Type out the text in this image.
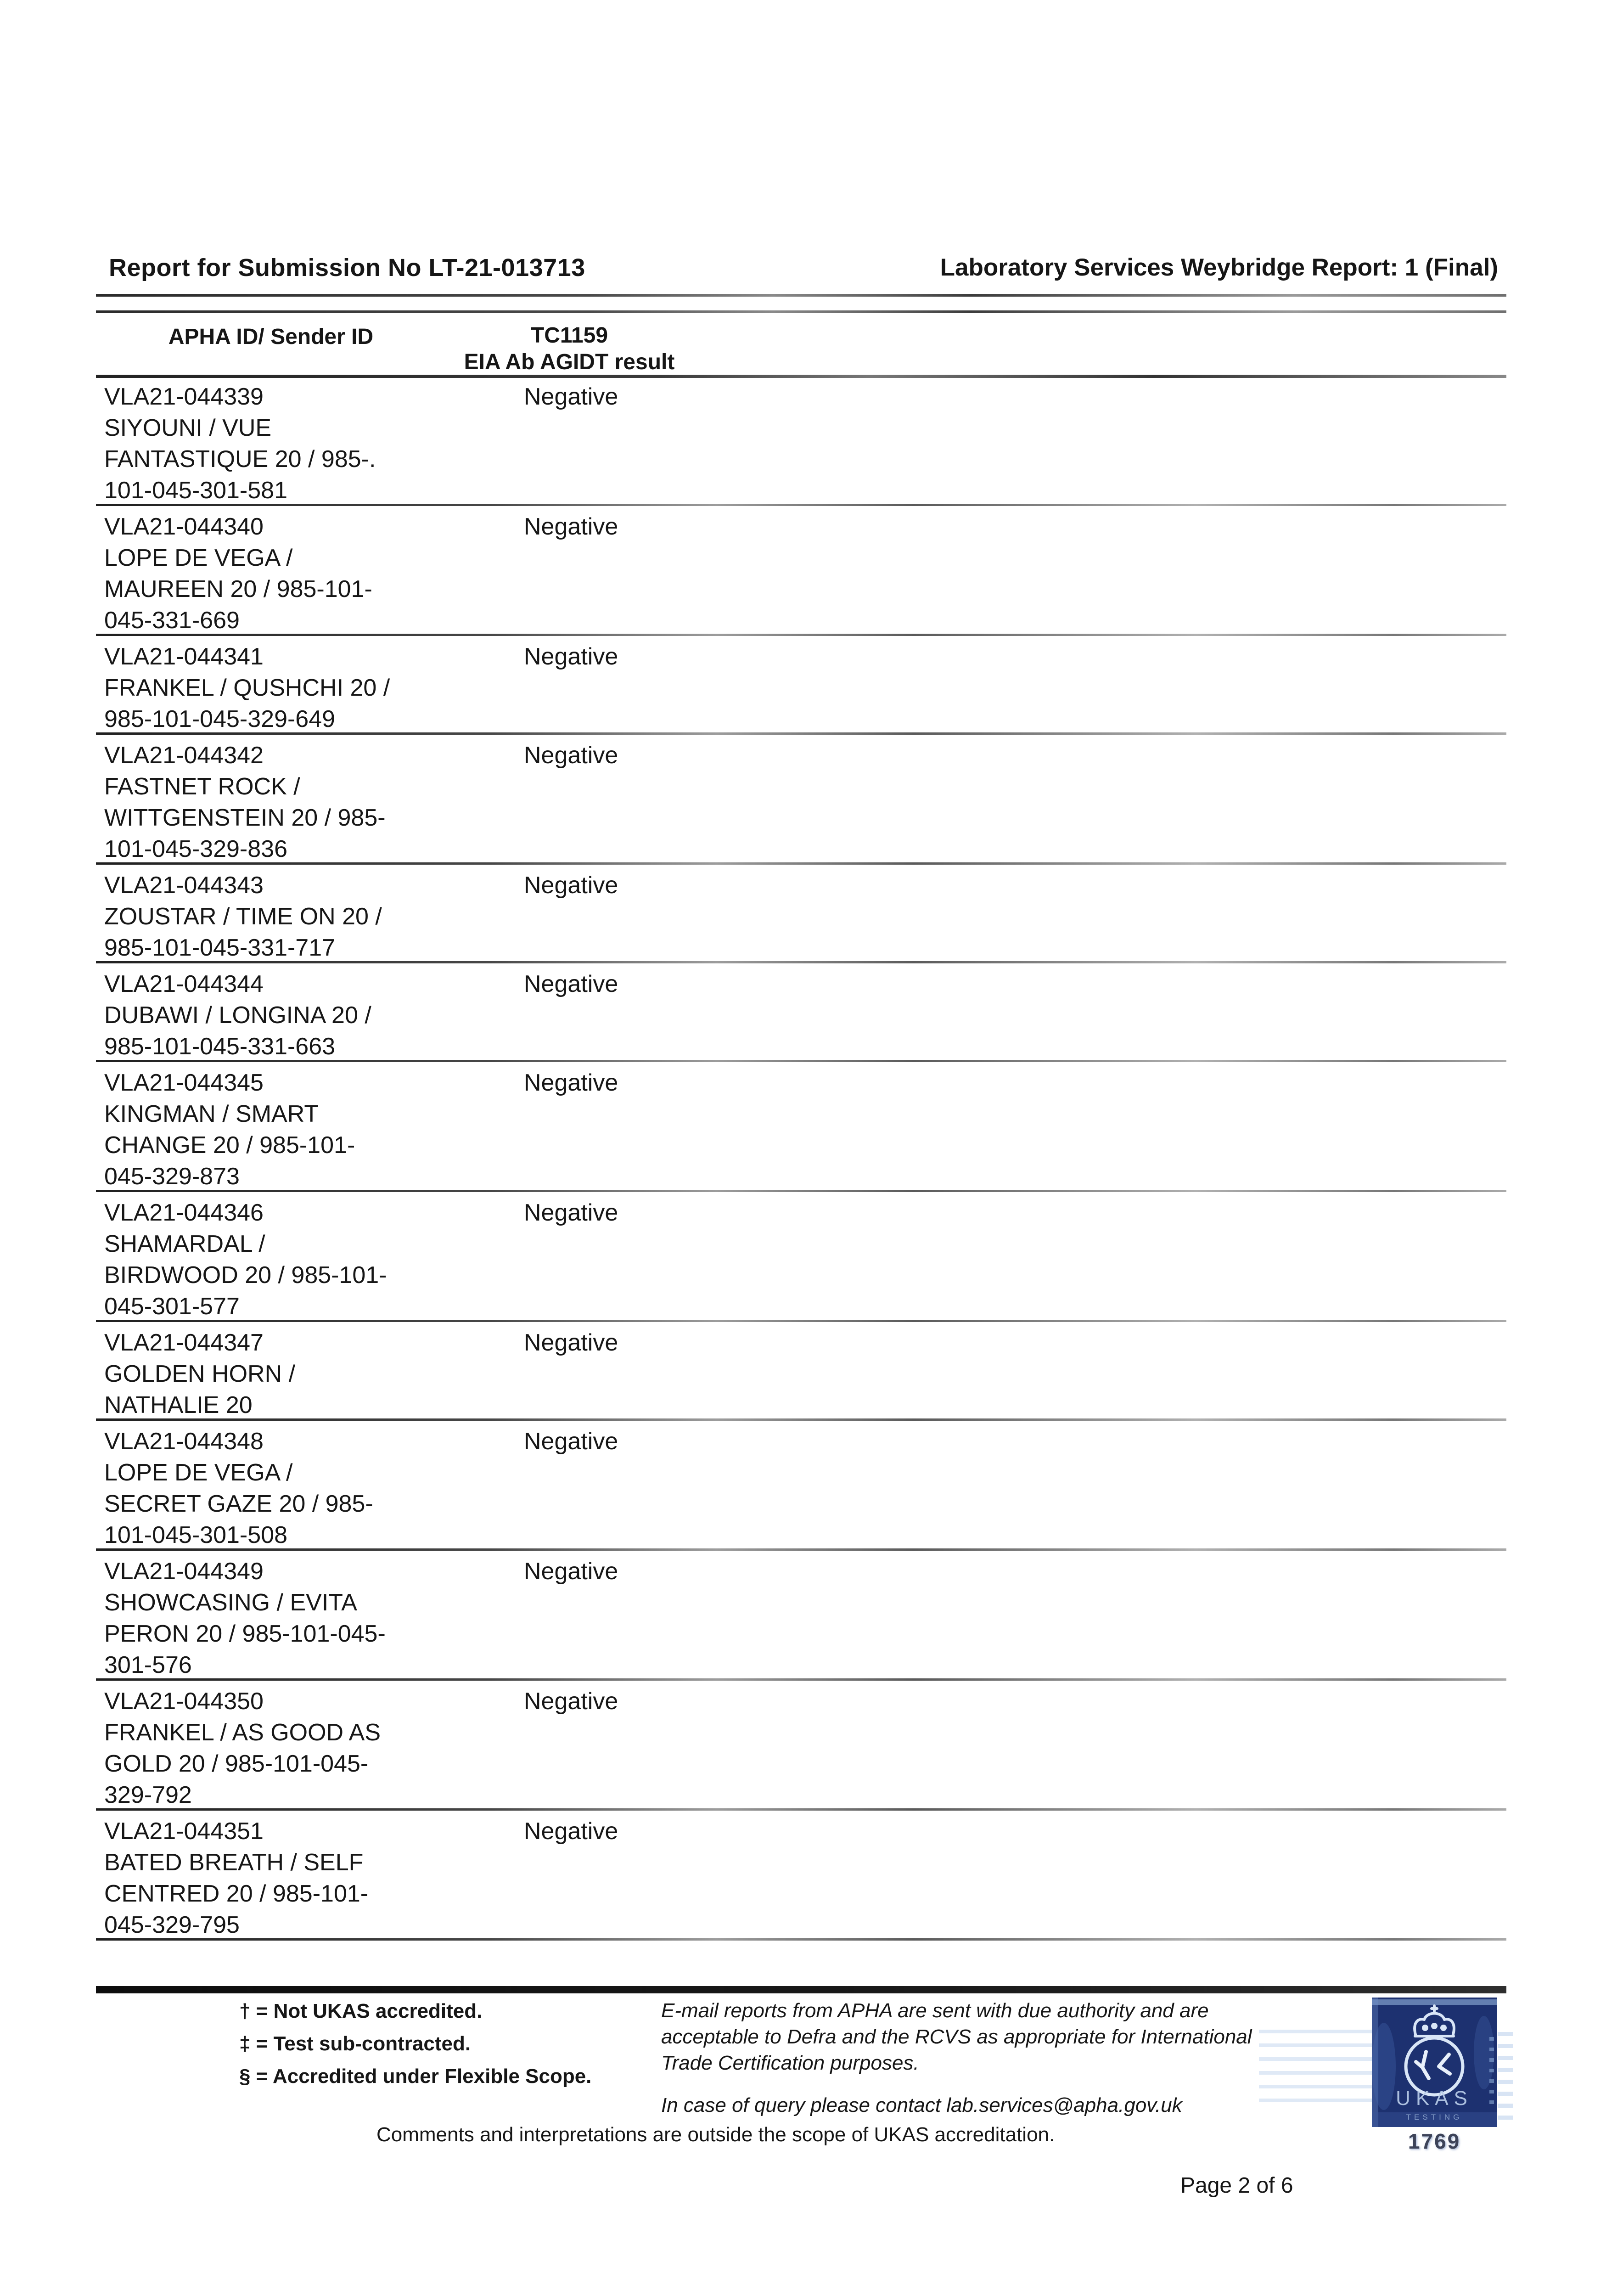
Report for Submission No LT-21-013713	Laboratory Services Weybridge Report: 1 (Final)
APHA ID/ Sender ID	TC1159
EIA Ab AGIDT result
VLA21-044339
SIYOUNI / VUE
FANTASTIQUE 20 / 985-.
101-045-301-581
Negative
VLA21-044340
LOPE DE VEGA /
MAUREEN 20 / 985-101-
045-331-669
Negative
VLA21-044341
FRANKEL / QUSHCHI 20 /
985-101-045-329-649
Negative
VLA21-044342
FASTNET ROCK /
WITTGENSTEIN 20 / 985-
101-045-329-836
Negative
VLA21-044343
ZOUSTAR / TIME ON 20 /
985-101-045-331-717
Negative
VLA21-044344
DUBAWI / LONGINA 20 /
985-101-045-331-663
Negative
VLA21-044345
KINGMAN / SMART
CHANGE 20 / 985-101-
045-329-873
Negative
VLA21-044346
SHAMARDAL /
BIRDWOOD 20 / 985-101-
045-301-577
Negative
VLA21-044347
GOLDEN HORN /
NATHALIE 20
Negative
VLA21-044348
LOPE DE VEGA /
SECRET GAZE 20 / 985-
101-045-301-508
Negative
VLA21-044349
SHOWCASING / EVITA
PERON 20 / 985-101-045-
301-576
Negative
VLA21-044350
FRANKEL / AS GOOD AS
GOLD 20 / 985-101-045-
329-792
Negative
VLA21-044351
BATED BREATH / SELF
CENTRED 20 / 985-101-
045-329-795
Negative
† = Not UKAS accredited.
‡ = Test sub-contracted.
§ = Accredited under Flexible Scope.
E-mail reports from APHA are sent with due authority and are
acceptable to Defra and the RCVS as appropriate for International
Trade Certification purposes.
In case of query please contact lab.services@apha.gov.uk
Comments and interpretations are outside the scope of UKAS accreditation.
Page 2 of 6
UKAS
TESTING
1769
